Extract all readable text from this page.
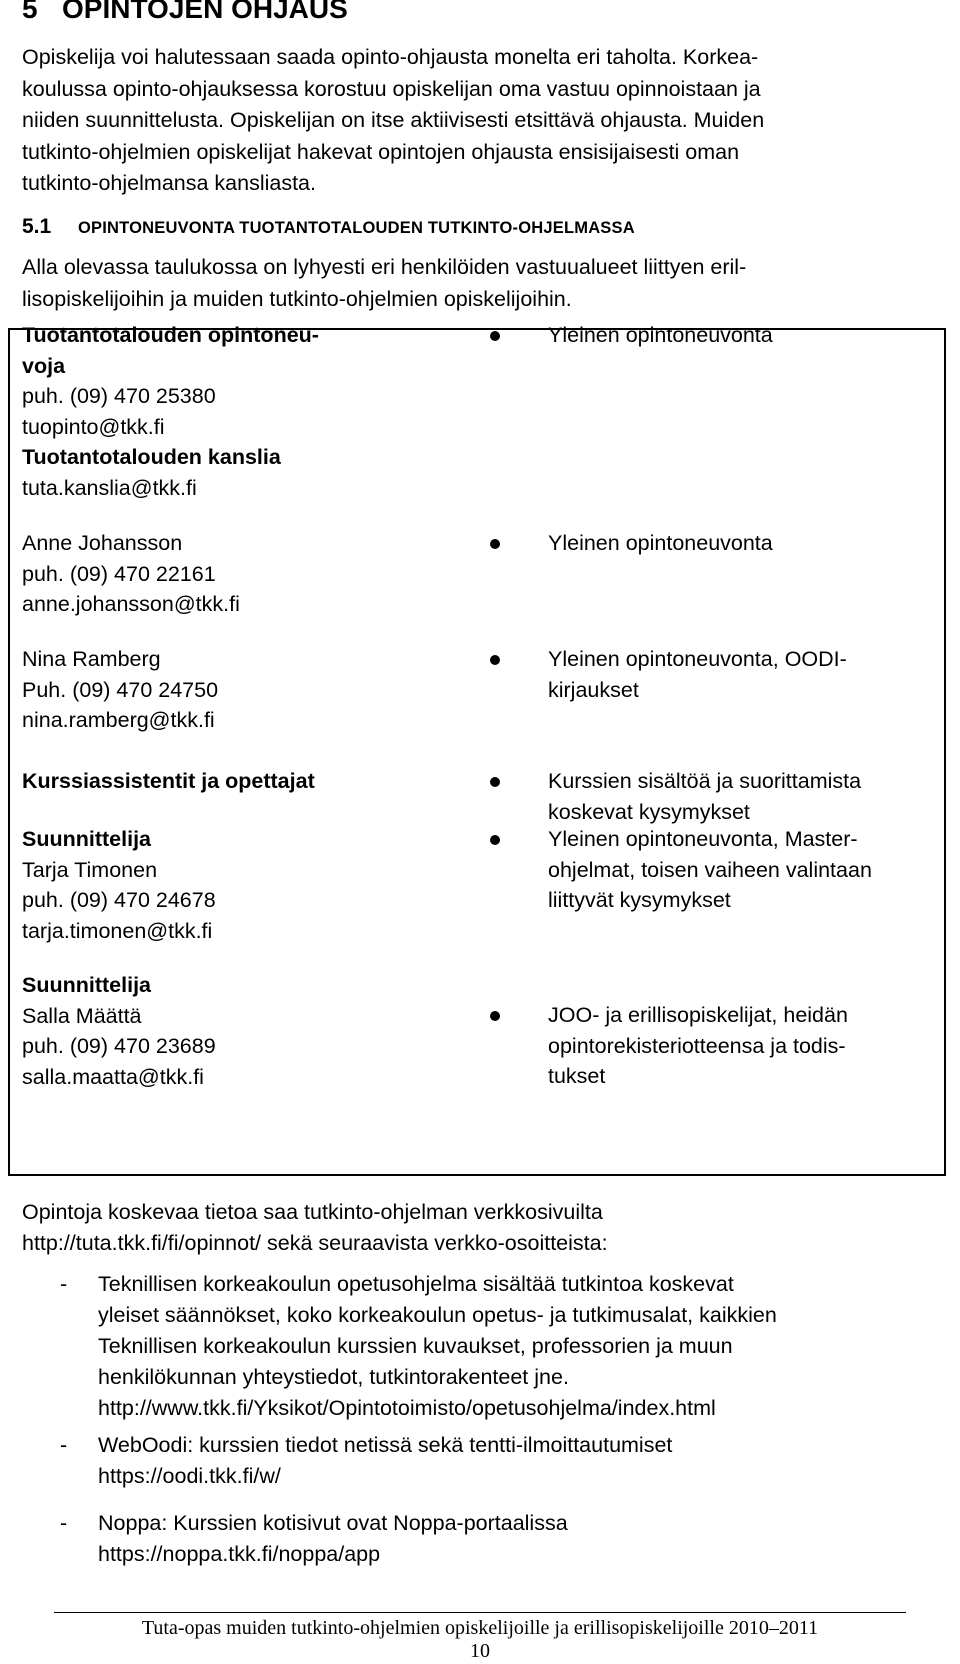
5 OPINTOJEN OHJAUS

Opiskelija voi halutessaan saada opinto-ohjausta monelta eri taholta. Korkea-
koulussa opinto-ohjauksessa korostuu opiskelijan oma vastuu opinnoistaan ja
niiden suunnittelusta. Opiskelijan on itse aktiivisesti etsittävä ohjausta. Muiden
tutkinto-ohjelmien opiskelijat hakevat opintojen ohjausta ensisijaisesti oman
tutkinto-ohjelmansa kansliasta.

5.1 OPINTONEUVONTA TUOTANTOTALOUDEN TUTKINTO-OHJELMASSA

Alla olevassa taulukossa on lyhyesti eri henkilöiden vastuualueet liittyen eril-
lisopiskelijoihin ja muiden tutkinto-ohjelmien opiskelijoihin.

Tuotantotalouden opintoneu-
voja
puh. (09) 470 25380
tuopinto@tkk.fi
Tuotantotalouden kanslia
tuta.kanslia@tkk.fi
Yleinen opintoneuvonta
Anne Johansson
puh. (09) 470 22161
anne.johansson@tkk.fi
Yleinen opintoneuvonta
Nina Ramberg
Puh. (09) 470 24750
nina.ramberg@tkk.fi
Yleinen opintoneuvonta, OODI-
kirjaukset
Kurssiassistentit ja opettajat	Kurssien sisältöä ja suorittamista
koskevat kysymykset
Suunnittelija
Tarja Timonen
puh. (09) 470 24678
tarja.timonen@tkk.fi
Yleinen opintoneuvonta, Master-
ohjelmat, toisen vaiheen valintaan
liittyvät kysymykset
Suunnittelija
Salla Määttä
puh. (09) 470 23689
salla.maatta@tkk.fi
JOO- ja erillisopiskelijat, heidän
opintorekisteriotteensa ja todis-
tukset

Opintoja koskevaa tietoa saa tutkinto-ohjelman verkkosivuilta
http://tuta.tkk.fi/fi/opinnot/ sekä seuraavista verkko-osoitteista:

- Teknillisen korkeakoulun opetusohjelma sisältää tutkintoa koskevat
yleiset säännökset, koko korkeakoulun opetus- ja tutkimusalat, kaikkien
Teknillisen korkeakoulun kurssien kuvaukset, professorien ja muun
henkilökunnan yhteystiedot, tutkintorakenteet jne.
http://www.tkk.fi/Yksikot/Opintotoimisto/opetusohjelma/index.html
- WebOodi: kurssien tiedot netissä sekä tentti-ilmoittautumiset
https://oodi.tkk.fi/w/
- Noppa: Kurssien kotisivut ovat Noppa-portaalissa
https://noppa.tkk.fi/noppa/app

Tuta-opas muiden tutkinto-ohjelmien opiskelijoille ja erillisopiskelijoille 2010–2011

10
